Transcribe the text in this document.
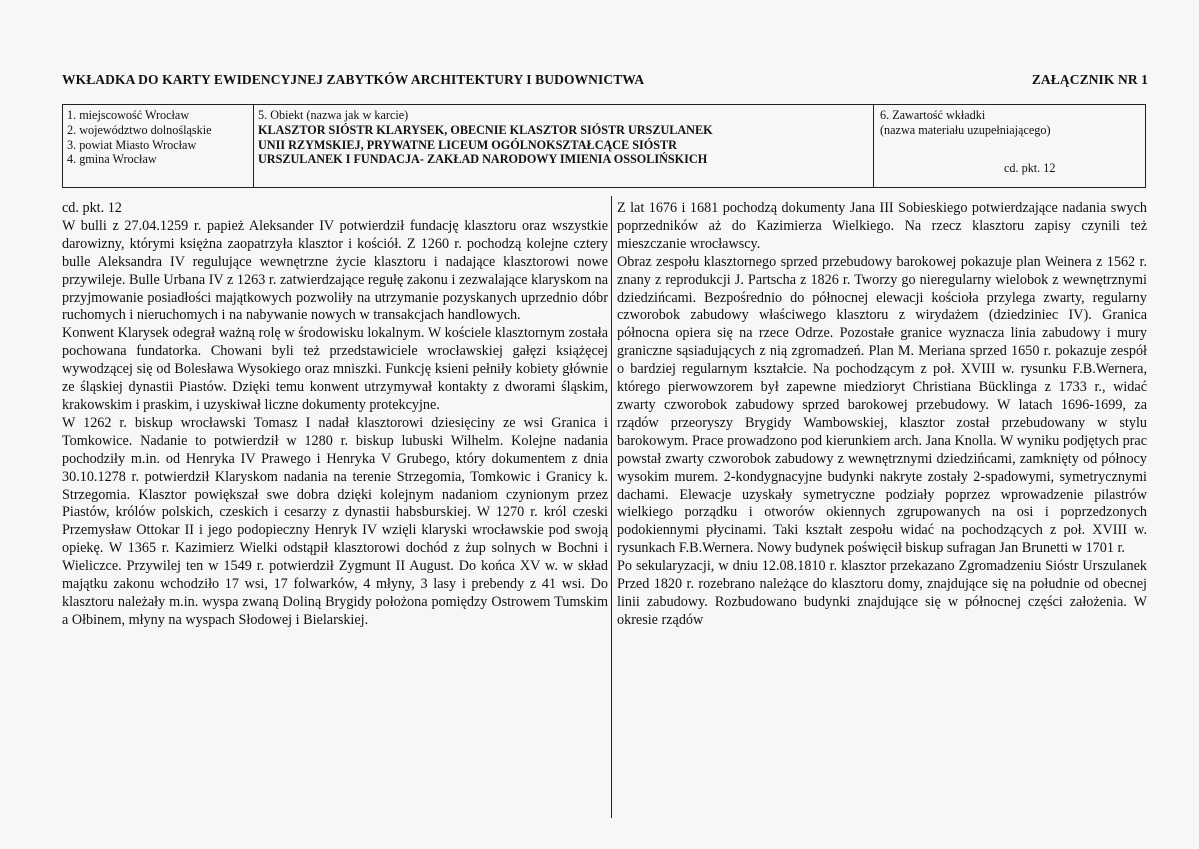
WKŁADKA DO KARTY EWIDENCYJNEJ ZABYTKÓW ARCHITEKTURY I BUDOWNICTWA	ZAŁĄCZNIK NR 1
1. miejscowość Wrocław
2. województwo dolnośląskie
3. powiat Miasto Wrocław
4. gmina Wrocław
5. Obiekt (nazwa jak w karcie)
KLASZTOR SIÓSTR KLARYSEK, OBECNIE KLASZTOR SIÓSTR URSZULANEK
UNII RZYMSKIEJ, PRYWATNE LICEUM OGÓLNOKSZTAŁCĄCE SIÓSTR
URSZULANEK I FUNDACJA- ZAKŁAD NARODOWY IMIENIA OSSOLIŃSKICH
6. Zawartość wkładki
(nazwa materiału uzupełniającego)
cd. pkt. 12
cd. pkt. 12

W bulli z 27.04.1259 r. papież Aleksander IV potwierdził fundację klasztoru oraz wszystkie darowizny, którymi księżna zaopatrzyła klasztor i kościół. Z 1260 r. pochodzą kolejne cztery bulle Aleksandra IV regulujące wewnętrzne życie klasztoru i nadające klasztorowi nowe przywileje. Bulle Urbana IV z 1263 r. zatwierdzające regułę zakonu i zezwalające klaryskom na przyjmowanie posiadłości majątkowych pozwoliły na utrzymanie pozyskanych uprzednio dóbr ruchomych i nieruchomych i na nabywanie nowych w transakcjach handlowych.

Konwent Klarysek odegrał ważną rolę w środowisku lokalnym. W kościele klasztornym została pochowana fundatorka. Chowani byli też przedstawiciele wrocławskiej gałęzi książęcej wywodzącej się od Bolesława Wysokiego oraz mniszki. Funkcję ksieni pełniły kobiety głównie ze śląskiej dynastii Piastów. Dzięki temu konwent utrzymywał kontakty z dworami śląskim, krakowskim i praskim, i uzyskiwał liczne dokumenty protekcyjne.

W 1262 r. biskup wrocławski Tomasz I nadał klasztorowi dziesięciny ze wsi Granica i Tomkowice. Nadanie to potwierdził w 1280 r. biskup lubuski Wilhelm. Kolejne nadania pochodziły m.in. od Henryka IV Prawego i Henryka V Grubego, który dokumentem z dnia 30.10.1278 r. potwierdził Klaryskom nadania na terenie Strzegomia, Tomkowic i Granicy k. Strzegomia. Klasztor powiększał swe dobra dzięki kolejnym nadaniom czynionym przez Piastów, królów polskich, czeskich i cesarzy z dynastii habsburskiej. W 1270 r. król czeski Przemysław Ottokar II i jego podopieczny Henryk IV wzięli klaryski wrocławskie pod swoją opiekę. W 1365 r. Kazimierz Wielki odstąpił klasztorowi dochód z żup solnych w Bochni i Wieliczce. Przywilej ten w 1549 r. potwierdził Zygmunt II August. Do końca XV w. w skład majątku zakonu wchodziło 17 wsi, 17 folwarków, 4 młyny, 3 lasy i prebendy z 41 wsi. Do klasztoru należały m.in. wyspa zwaną Doliną Brygidy położona pomiędzy Ostrowem Tumskim a Ołbinem, młyny na wyspach Słodowej i Bielarskiej.

Z lat 1676 i 1681 pochodzą dokumenty Jana III Sobieskiego potwierdzające nadania swych poprzedników aż do Kazimierza Wielkiego. Na rzecz klasztoru zapisy czynili też mieszczanie wrocławscy.

Obraz zespołu klasztornego sprzed przebudowy barokowej pokazuje plan Weinera z 1562 r. znany z reprodukcji J. Partscha z 1826 r. Tworzy go nieregularny wielobok z wewnętrznymi dziedzińcami. Bezpośrednio do północnej elewacji kościoła przylega zwarty, regularny czworobok zabudowy właściwego klasztoru z wirydażem (dziedziniec IV). Granica północna opiera się na rzece Odrze. Pozostałe granice wyznacza linia zabudowy i mury graniczne sąsiadujących z nią zgromadzeń. Plan M. Meriana sprzed 1650 r. pokazuje zespół o bardziej regularnym kształcie. Na pochodzącym z poł. XVIII w. rysunku F.B.Wernera, którego pierwowzorem był zapewne miedzioryt Christiana Bücklinga z 1733 r., widać zwarty czworobok zabudowy sprzed barokowej przebudowy. W latach 1696-1699, za rządów przeoryszy Brygidy Wambowskiej, klasztor został przebudowany w stylu barokowym. Prace prowadzono pod kierunkiem arch. Jana Knolla. W wyniku podjętych prac powstał zwarty czworobok zabudowy z wewnętrznymi dziedzińcami, zamknięty od północy wysokim murem. 2-kondygnacyjne budynki nakryte zostały 2-spadowymi, symetrycznymi dachami. Elewacje uzyskały symetryczne podziały poprzez wprowadzenie pilastrów wielkiego porządku i otworów okiennych zgrupowanych na osi i poprzedzonych podokiennymi płycinami. Taki kształt zespołu widać na pochodzących z poł. XVIII w. rysunkach F.B.Wernera. Nowy budynek poświęcił biskup sufragan Jan Brunetti w 1701 r.

Po sekularyzacji, w dniu 12.08.1810 r. klasztor przekazano Zgromadzeniu Sióstr Urszulanek Przed 1820 r. rozebrano należące do klasztoru domy, znajdujące się na południe od obecnej linii zabudowy. Rozbudowano budynki znajdujące się w północnej części założenia. W okresie rządów
